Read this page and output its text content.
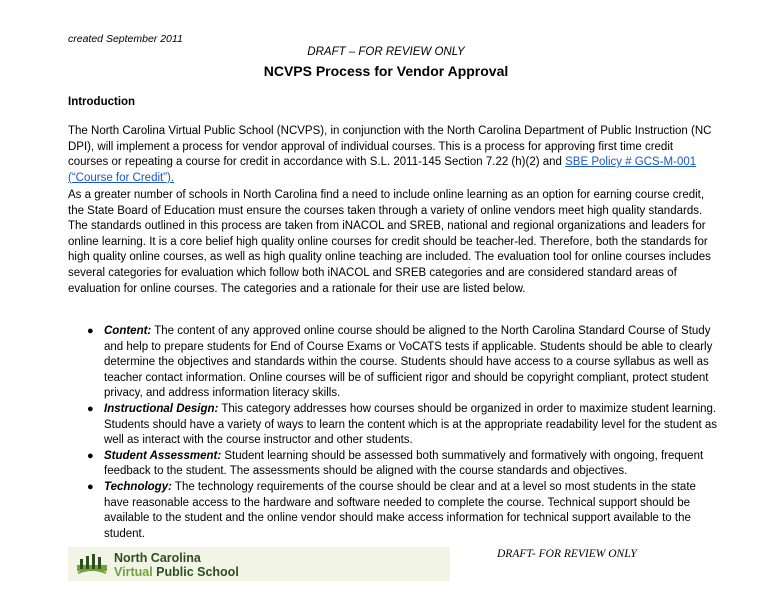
created September 2011
DRAFT – FOR REVIEW ONLY
NCVPS Process for Vendor Approval
Introduction
The North Carolina Virtual Public School (NCVPS), in conjunction with the North Carolina Department of Public Instruction (NC DPI), will implement a process for vendor approval of individual courses. This is a process for approving first time credit courses or repeating a course for credit in accordance with S.L. 2011-145 Section 7.22 (h)(2) and SBE Policy # GCS-M-001 (“Course for Credit”).
As a greater number of schools in North Carolina find a need to include online learning as an option for earning course credit, the State Board of Education must ensure the courses taken through a variety of online vendors meet high quality standards. The standards outlined in this process are taken from iNACOL and SREB, national and regional organizations and leaders for online learning. It is a core belief high quality online courses for credit should be teacher-led. Therefore, both the standards for high quality online courses, as well as high quality online teaching are included. The evaluation tool for online courses includes several categories for evaluation which follow both iNACOL and SREB categories and are considered standard areas of evaluation for online courses. The categories and a rationale for their use are listed below.
● Content: The content of any approved online course should be aligned to the North Carolina Standard Course of Study and help to prepare students for End of Course Exams or VoCATS tests if applicable. Students should be able to clearly determine the objectives and standards within the course. Students should have access to a course syllabus as well as teacher contact information. Online courses will be of sufficient rigor and should be copyright compliant, protect student privacy, and address information literacy skills.
● Instructional Design: This category addresses how courses should be organized in order to maximize student learning. Students should have a variety of ways to learn the content which is at the appropriate readability level for the student as well as interact with the course instructor and other students.
● Student Assessment: Student learning should be assessed both summatively and formatively with ongoing, frequent feedback to the student. The assessments should be aligned with the course standards and objectives.
● Technology: The technology requirements of the course should be clear and at a level so most students in the state have reasonable access to the hardware and software needed to complete the course. Technical support should be available to the student and the online vendor should make access information for technical support available to the student.
North Carolina
Virtual Public School
DRAFT- FOR REVIEW ONLY
